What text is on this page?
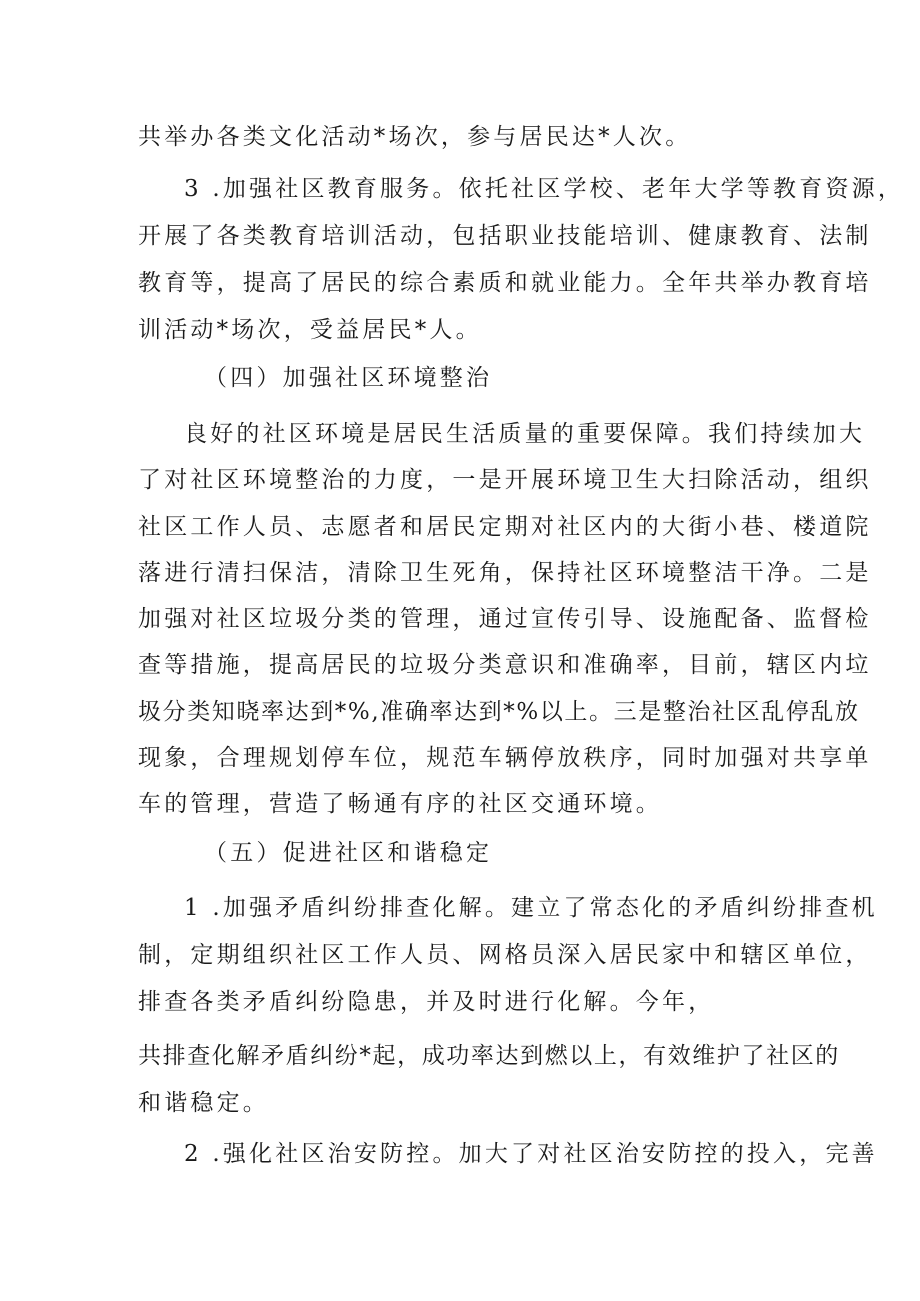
共举办各类文化活动*场次，参与居民达*人次。
3 .加强社区教育服务。依托社区学校、老年大学等教育资源，
开展了各类教育培训活动，包括职业技能培训、健康教育、法制
教育等，提高了居民的综合素质和就业能力。全年共举办教育培
训活动*场次，受益居民*人。
（四）加强社区环境整治
良好的社区环境是居民生活质量的重要保障。我们持续加大
了对社区环境整治的力度，一是开展环境卫生大扫除活动，组织
社区工作人员、志愿者和居民定期对社区内的大街小巷、楼道院
落进行清扫保洁，清除卫生死角，保持社区环境整洁干净。二是
加强对社区垃圾分类的管理，通过宣传引导、设施配备、监督检
查等措施，提高居民的垃圾分类意识和准确率，目前，辖区内垃
圾分类知晓率达到*%,准确率达到*%以上。三是整治社区乱停乱放
现象，合理规划停车位，规范车辆停放秩序，同时加强对共享单
车的管理，营造了畅通有序的社区交通环境。
（五）促进社区和谐稳定
1 .加强矛盾纠纷排查化解。建立了常态化的矛盾纠纷排查机
制，定期组织社区工作人员、网格员深入居民家中和辖区单位，
排查各类矛盾纠纷隐患，并及时进行化解。今年，
共排查化解矛盾纠纷*起，成功率达到燃以上，有效维护了社区的
和谐稳定。
2 .强化社区治安防控。加大了对社区治安防控的投入，完善
